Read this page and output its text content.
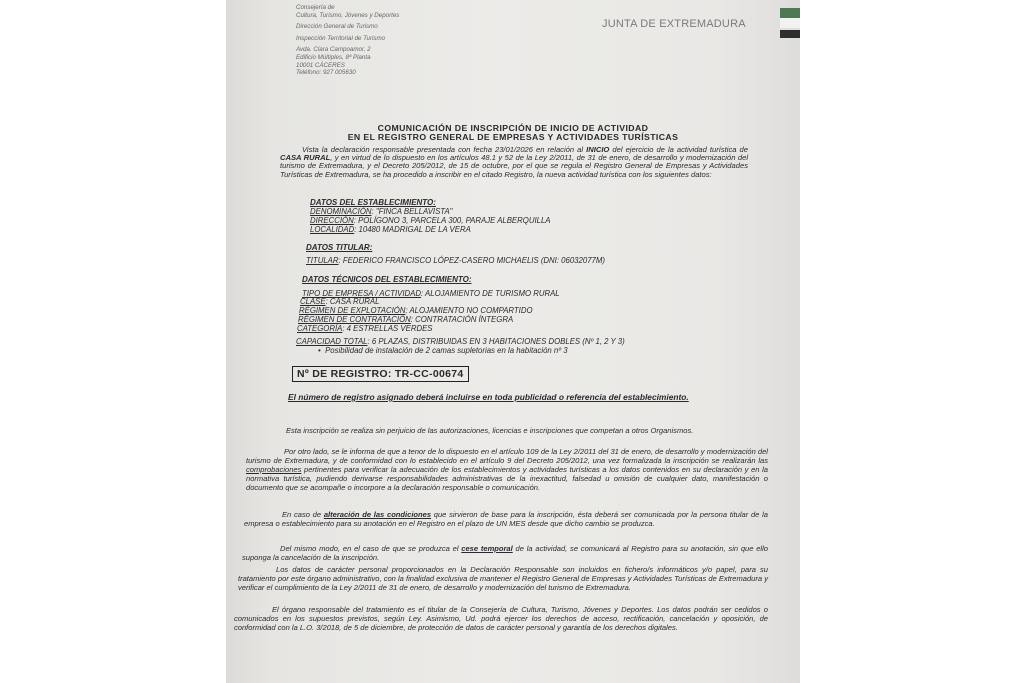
Consejería de
Cultura, Turismo, Jóvenes y Deportes
Dirección General de Turismo
Inspección Territorial de Turismo
Avda. Clara Campoamor, 2
Edificio Múltiples, 8ª Planta
10001 CÁCERES
Teléfono: 927 005630
JUNTA DE EXTREMADURA
COMUNICACIÓN DE INSCRIPCIÓN DE INICIO DE ACTIVIDAD
EN EL REGISTRO GENERAL DE EMPRESAS Y ACTIVIDADES TURÍSTICAS
Vista la declaración responsable presentada con fecha 23/01/2026 en relación al INICIO del ejercicio de la actividad turística de CASA RURAL, y en virtud de lo dispuesto en los artículos 48.1 y 52 de la Ley 2/2011, de 31 de enero, de desarrollo y modernización del turismo de Extremadura, y el Decreto 205/2012, de 15 de octubre, por el que se regula el Registro General de Empresas y Actividades Turísticas de Extremadura, se ha procedido a inscribir en el citado Registro, la nueva actividad turística con los siguientes datos:
DATOS DEL ESTABLECIMIENTO:
DENOMINACIÓN: "FINCA BELLAVISTA"
DIRECCIÓN: POLÍGONO 3, PARCELA 300, PARAJE ALBERQUILLA
LOCALIDAD: 10480 MADRIGAL DE LA VERA
DATOS TITULAR:
TITULAR: FEDERICO FRANCISCO LÓPEZ-CASERO MICHAELIS (DNI: 06032077M)
DATOS TÉCNICOS DEL ESTABLECIMIENTO:
TIPO DE EMPRESA / ACTIVIDAD: ALOJAMIENTO DE TURISMO RURAL
CLASE: CASA RURAL
RÉGIMEN DE EXPLOTACIÓN: ALOJAMIENTO NO COMPARTIDO
RÉGIMEN DE CONTRATACIÓN: CONTRATACIÓN ÍNTEGRA
CATEGORÍA: 4 ESTRELLAS VERDES
CAPACIDAD TOTAL: 6 PLAZAS, DISTRIBUIDAS EN 3 HABITACIONES DOBLES (Nº 1, 2 Y 3)
•  Posibilidad de instalación de 2 camas supletorias en la habitación nº 3
Nº DE REGISTRO: TR-CC-00674
El número de registro asignado deberá incluirse en toda publicidad o referencia del establecimiento.
Esta inscripción se realiza sin perjuicio de las autorizaciones, licencias e inscripciones que competan a otros Organismos.
Por otro lado, se le informa de que a tenor de lo dispuesto en el artículo 109 de la Ley 2/2011 del 31 de enero, de desarrollo y modernización del turismo de Extremadura, y de conformidad con lo establecido en el artículo 9 del Decreto 205/2012, una vez formalizada la inscripción se realizarán las comprobaciones pertinentes para verificar la adecuación de los establecimientos y actividades turísticas a los datos contenidos en su declaración y en la normativa turística, pudiendo derivarse responsabilidades administrativas de la inexactitud, falsedad u omisión de cualquier dato, manifestación o documento que se acompañe o incorpore a la declaración responsable o comunicación.
En caso de alteración de las condiciones que sirvieron de base para la inscripción, ésta deberá ser comunicada por la persona titular de la empresa o establecimiento para su anotación en el Registro en el plazo de UN MES desde que dicho cambio se produzca.
Del mismo modo, en el caso de que se produzca el cese temporal de la actividad, se comunicará al Registro para su anotación, sin que ello suponga la cancelación de la inscripción.
Los datos de carácter personal proporcionados en la Declaración Responsable son incluidos en fichero/s informáticos y/o papel, para su tratamiento por este órgano administrativo, con la finalidad exclusiva de mantener el Registro General de Empresas y Actividades Turísticas de Extremadura y verificar el cumplimiento de la Ley 2/2011 de 31 de enero, de desarrollo y modernización del turismo de Extremadura.
El órgano responsable del tratamiento es el titular de la Consejería de Cultura, Turismo, Jóvenes y Deportes. Los datos podrán ser cedidos o comunicados en los supuestos previstos, según Ley. Asimismo, Ud. podrá ejercer los derechos de acceso, rectificación, cancelación y oposición, de conformidad con la L.O. 3/2018, de 5 de diciembre, de protección de datos de carácter personal y garantía de los derechos digitales.
